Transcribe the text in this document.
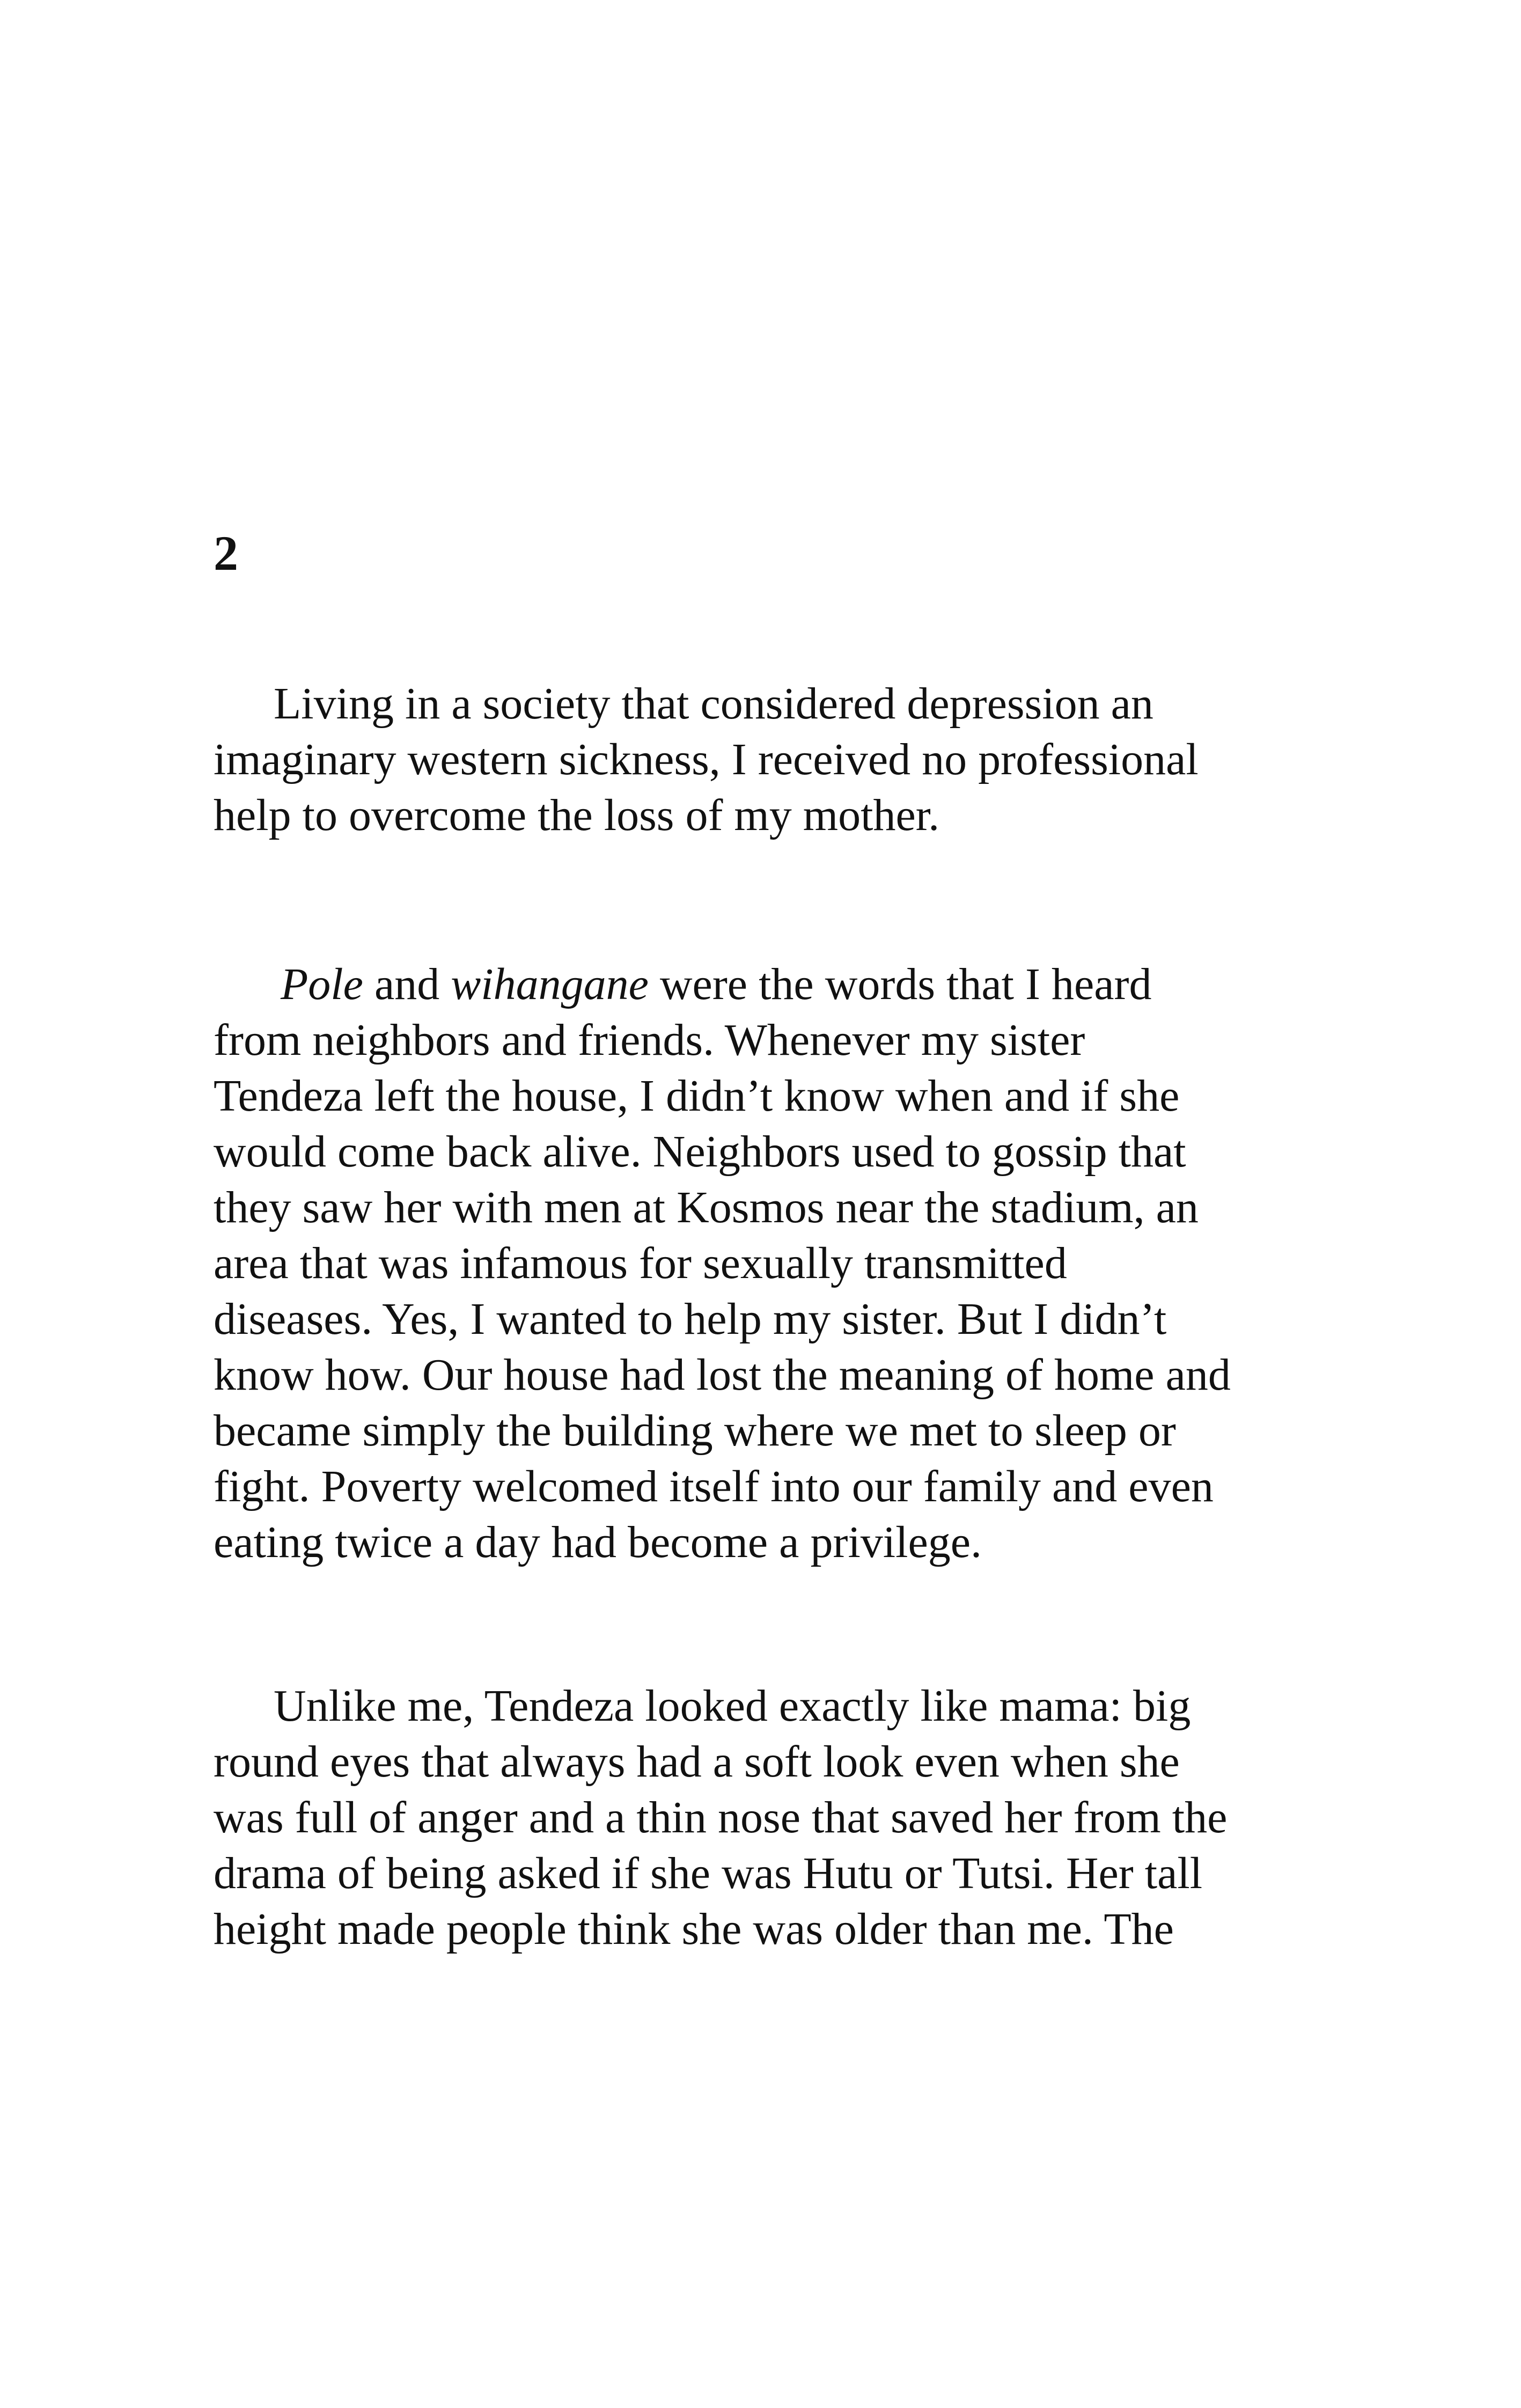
2

Living in a society that considered depression an
imaginary western sickness, I received no professional
help to overcome the loss of my mother.

Pole and wihangane were the words that I heard
from neighbors and friends. Whenever my sister
Tendeza left the house, I didn’t know when and if she
would come back alive. Neighbors used to gossip that
they saw her with men at Kosmos near the stadium, an
area that was infamous for sexually transmitted
diseases. Yes, I wanted to help my sister. But I didn’t
know how. Our house had lost the meaning of home and
became simply the building where we met to sleep or
fight. Poverty welcomed itself into our family and even
eating twice a day had become a privilege.

Unlike me, Tendeza looked exactly like mama: big
round eyes that always had a soft look even when she
was full of anger and a thin nose that saved her from the
drama of being asked if she was Hutu or Tutsi. Her tall
height made people think she was older than me. The
